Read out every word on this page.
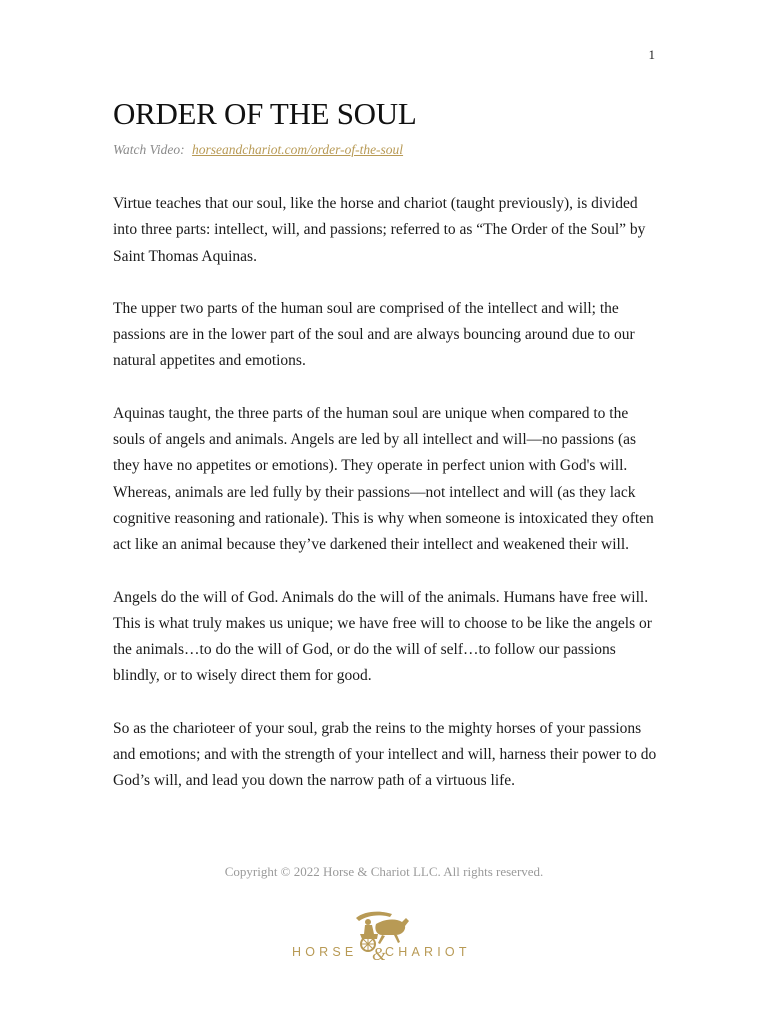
1
ORDER OF THE SOUL
Watch Video: horseandchariot.com/order-of-the-soul

Virtue teaches that our soul, like the horse and chariot (taught previously), is divided into three parts: intellect, will, and passions; referred to as “The Order of the Soul” by Saint Thomas Aquinas.

The upper two parts of the human soul are comprised of the intellect and will; the passions are in the lower part of the soul and are always bouncing around due to our natural appetites and emotions.

Aquinas taught, the three parts of the human soul are unique when compared to the souls of angels and animals. Angels are led by all intellect and will—no passions (as they have no appetites or emotions). They operate in perfect union with God's will. Whereas, animals are led fully by their passions—not intellect and will (as they lack cognitive reasoning and rationale). This is why when someone is intoxicated they often act like an animal because they’ve darkened their intellect and weakened their will.

Angels do the will of God. Animals do the will of the animals. Humans have free will. This is what truly makes us unique; we have free will to choose to be like the angels or the animals…to do the will of God, or do the will of self…to follow our passions blindly, or to wisely direct them for good.

So as the charioteer of your soul, grab the reins to the mighty horses of your passions and emotions; and with the strength of your intellect and will, harness their power to do God’s will, and lead you down the narrow path of a virtuous life.

Copyright © 2022 Horse & Chariot LLC. All rights reserved.
&
HORSE CHARIOT
